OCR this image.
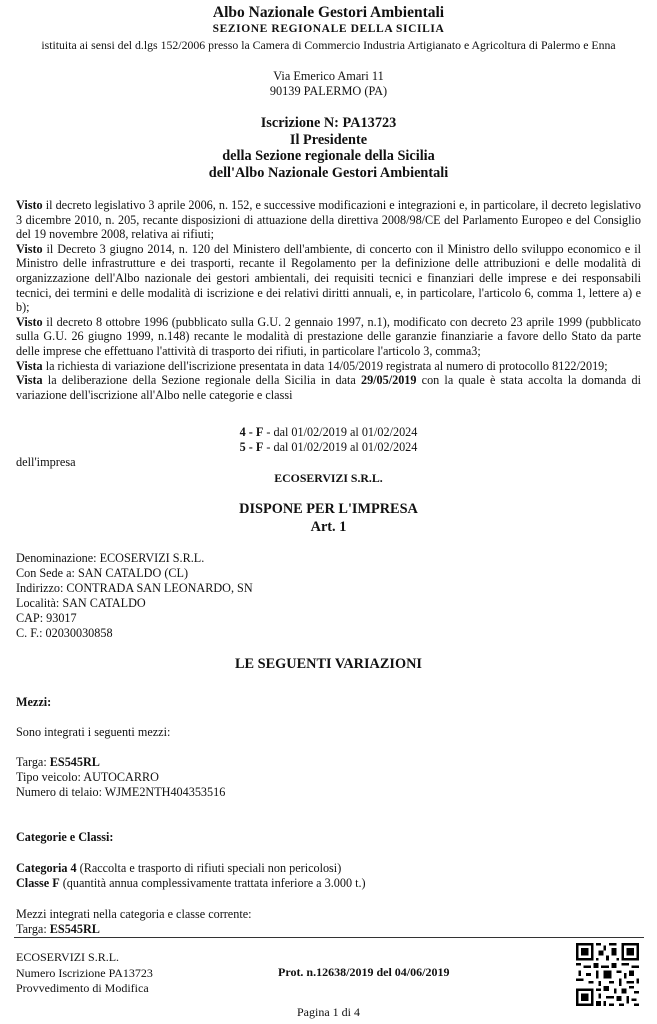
Albo Nazionale Gestori Ambientali
SEZIONE REGIONALE DELLA SICILIA
istituita ai sensi del d.lgs 152/2006 presso la Camera di Commercio Industria Artigianato e Agricoltura di Palermo e Enna
Via Emerico Amari 11
90139 PALERMO (PA)
Iscrizione N: PA13723
Il Presidente
della Sezione regionale della Sicilia
dell'Albo Nazionale Gestori Ambientali

Visto il decreto legislativo 3 aprile 2006, n. 152, e successive modificazioni e integrazioni e, in particolare, il decreto legislativo 3 dicembre 2010, n. 205, recante disposizioni di attuazione della direttiva 2008/98/CE del Parlamento Europeo e del Consiglio del 19 novembre 2008, relativa ai rifiuti;

Visto il Decreto 3 giugno 2014, n. 120 del Ministero dell'ambiente, di concerto con il Ministro dello sviluppo economico e il Ministro delle infrastrutture e dei trasporti, recante il Regolamento per la definizione delle attribuzioni e delle modalità di organizzazione dell'Albo nazionale dei gestori ambientali, dei requisiti tecnici e finanziari delle imprese e dei responsabili tecnici, dei termini e delle modalità di iscrizione e dei relativi diritti annuali, e, in particolare, l'articolo 6, comma 1, lettere a) e b);

Visto il decreto 8 ottobre 1996 (pubblicato sulla G.U. 2 gennaio 1997, n.1), modificato con decreto 23 aprile 1999 (pubblicato sulla G.U. 26 giugno 1999, n.148) recante le modalità di prestazione delle garanzie finanziarie a favore dello Stato da parte delle imprese che effettuano l'attività di trasporto dei rifiuti, in particolare l'articolo 3, comma3;

Vista la richiesta di variazione dell'iscrizione presentata in data 14/05/2019 registrata al numero di protocollo 8122/2019;

Vista la deliberazione della Sezione regionale della Sicilia in data 29/05/2019 con la quale è stata accolta la domanda di variazione dell'iscrizione all'Albo nelle categorie e classi

4 - F - dal 01/02/2019 al 01/02/2024
5 - F - dal 01/02/2019 al 01/02/2024
dell'impresa
ECOSERVIZI S.R.L.
DISPONE PER L'IMPRESA
Art. 1
Denominazione: ECOSERVIZI S.R.L.
Con Sede a: SAN CATALDO (CL)
Indirizzo: CONTRADA SAN LEONARDO, SN
Località: SAN CATALDO
CAP: 93017
C. F.: 02030030858
LE SEGUENTI VARIAZIONI
Mezzi:
Sono integrati i seguenti mezzi:
Targa: ES545RL
Tipo veicolo: AUTOCARRO
Numero di telaio: WJME2NTH404353516
Categorie e Classi:
Categoria 4 (Raccolta e trasporto di rifiuti speciali non pericolosi)
Classe F (quantità annua complessivamente trattata inferiore a 3.000 t.)
Mezzi integrati nella categoria e classe corrente:
Targa: ES545RL
ECOSERVIZI S.R.L.
Numero Iscrizione PA13723
Provvedimento di Modifica
Prot. n.12638/2019 del 04/06/2019
Pagina 1 di 4
